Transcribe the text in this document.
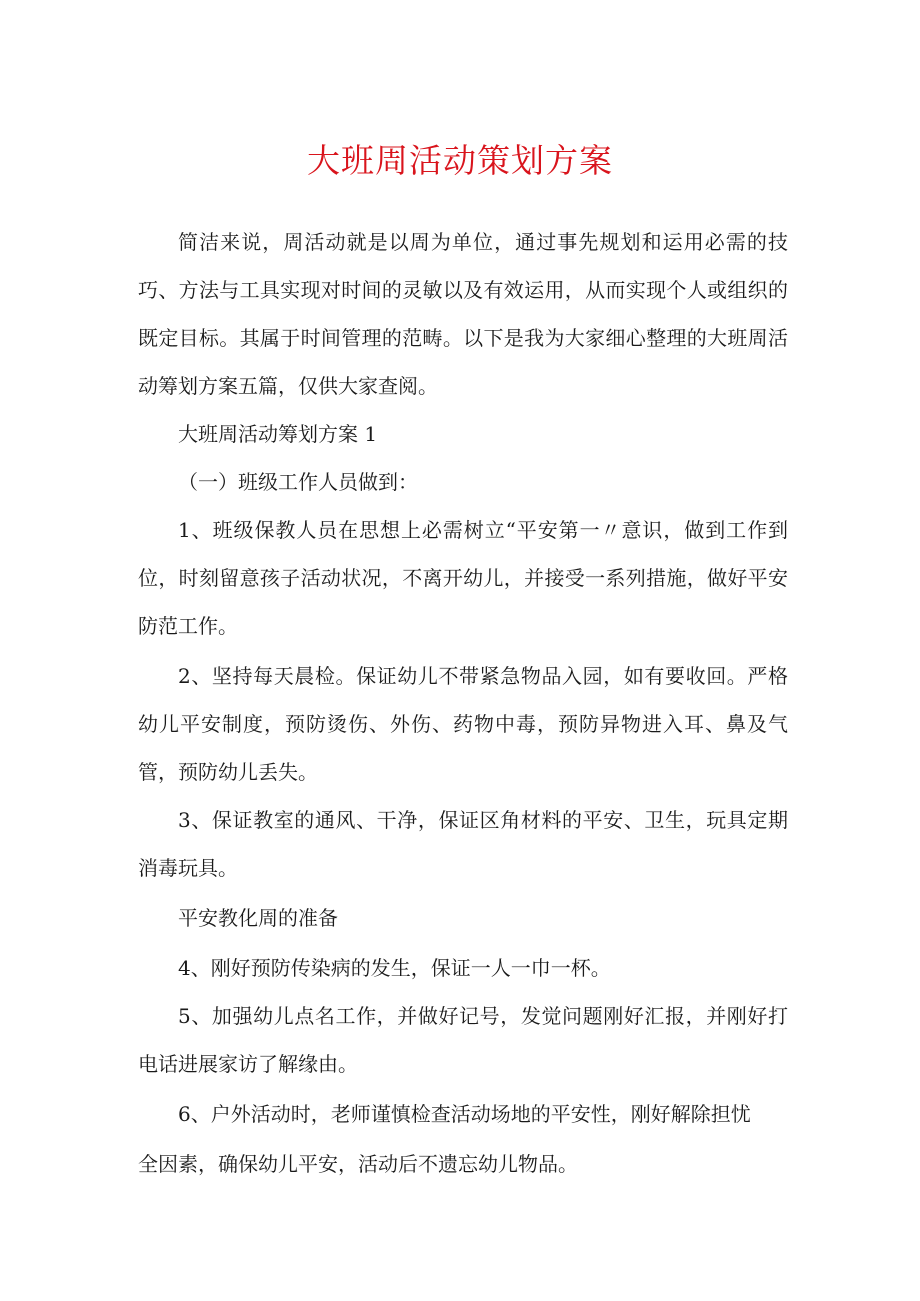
大班周活动策划方案
简洁来说，周活动就是以周为单位，通过事先规划和运用必需的技巧、方法与工具实现对时间的灵敏以及有效运用，从而实现个人或组织的既定目标。其属于时间管理的范畴。以下是我为大家细心整理的大班周活动筹划方案五篇，仅供大家查阅。
大班周活动筹划方案 1
（一）班级工作人员做到：
1、班级保教人员在思想上必需树立“平安第一〃意识，做到工作到位，时刻留意孩子活动状况，不离开幼儿，并接受一系列措施，做好平安防范工作。
2、坚持每天晨检。保证幼儿不带紧急物品入园，如有要收回。严格幼儿平安制度，预防烫伤、外伤、药物中毒，预防异物进入耳、鼻及气管，预防幼儿丢失。
3、保证教室的通风、干净，保证区角材料的平安、卫生，玩具定期消毒玩具。
平安教化周的准备
4、刚好预防传染病的发生，保证一人一巾一杯。
5、加强幼儿点名工作，并做好记号，发觉问题刚好汇报，并刚好打电话进展家访了解缘由。
6、户外活动时，老师谨慎检查活动场地的平安性，刚好解除担忧
全因素，确保幼儿平安，活动后不遗忘幼儿物品。
